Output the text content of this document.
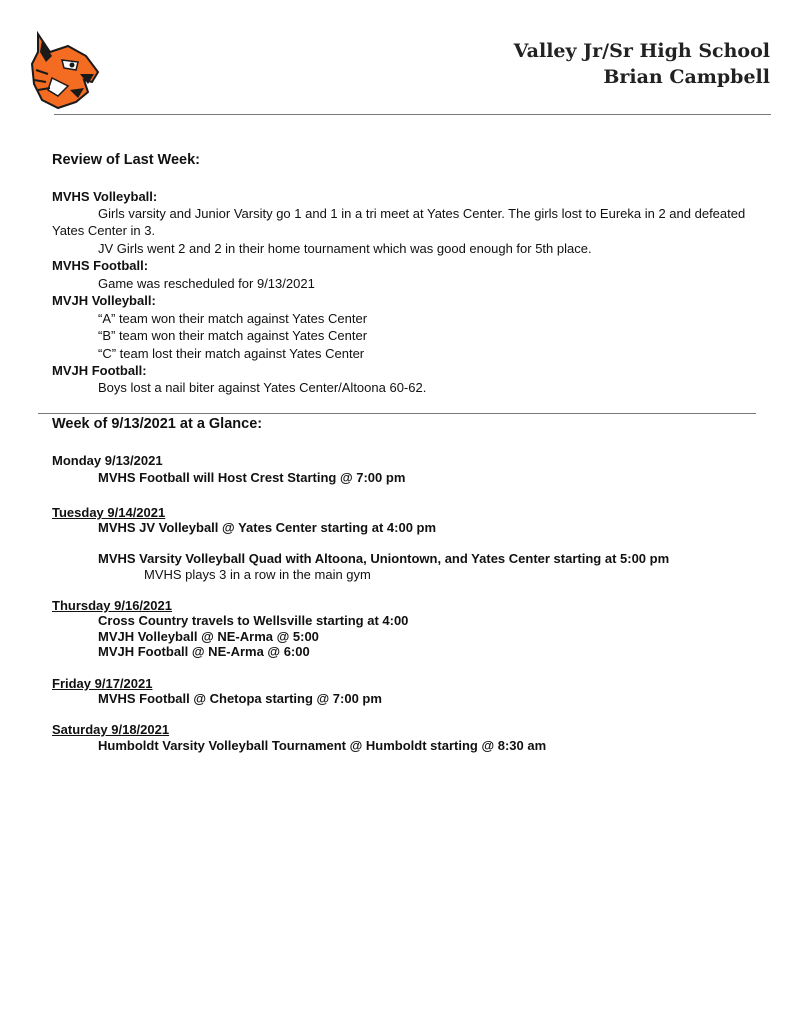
Valley Jr/Sr High School
Brian Campbell
Review of Last Week:
MVHS Volleyball:
Girls varsity and Junior Varsity go 1 and 1 in a tri meet at Yates Center. The girls lost to Eureka in 2 and defeated
Yates Center in 3.
JV Girls went 2 and 2 in their home tournament which was good enough for 5th place.
MVHS Football:
Game was rescheduled for 9/13/2021
MVJH Volleyball:
“A” team won their match against Yates Center
“B” team won their match against Yates Center
“C” team lost their match against Yates Center
MVJH Football:
Boys lost a nail biter against Yates Center/Altoona 60-62.
Week of 9/13/2021 at a Glance:
Monday 9/13/2021
MVHS Football will Host Crest Starting @ 7:00 pm
Tuesday 9/14/2021
MVHS JV Volleyball @ Yates Center starting at 4:00 pm
MVHS Varsity Volleyball Quad with Altoona, Uniontown, and Yates Center starting at 5:00 pm
MVHS plays 3 in a row in the main gym
Thursday 9/16/2021
Cross Country travels to Wellsville starting at 4:00
MVJH Volleyball @ NE-Arma @ 5:00
MVJH Football @ NE-Arma @ 6:00
Friday 9/17/2021
MVHS Football @ Chetopa starting @ 7:00 pm
Saturday 9/18/2021
Humboldt Varsity Volleyball Tournament @ Humboldt starting @ 8:30 am
